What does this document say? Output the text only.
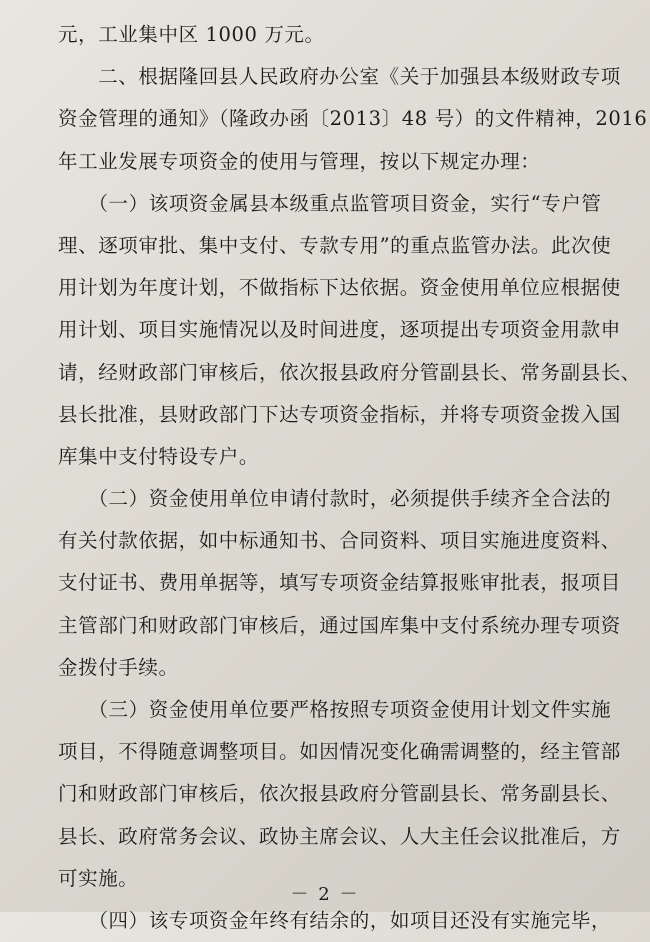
元，工业集中区 1000 万元。
　　二、根据隆回县人民政府办公室《关于加强县本级财政专项
资金管理的通知》（隆政办函〔2013〕48 号）的文件精神，2016
年工业发展专项资金的使用与管理，按以下规定办理：
　　（一）该项资金属县本级重点监管项目资金，实行“专户管
理、逐项审批、集中支付、专款专用”的重点监管办法。此次使
用计划为年度计划，不做指标下达依据。资金使用单位应根据使
用计划、项目实施情况以及时间进度，逐项提出专项资金用款申
请，经财政部门审核后，依次报县政府分管副县长、常务副县长、
县长批准，县财政部门下达专项资金指标，并将专项资金拨入国
库集中支付特设专户。
　　（二）资金使用单位申请付款时，必须提供手续齐全合法的
有关付款依据，如中标通知书、合同资料、项目实施进度资料、
支付证书、费用单据等，填写专项资金结算报账审批表，报项目
主管部门和财政部门审核后，通过国库集中支付系统办理专项资
金拨付手续。
　　（三）资金使用单位要严格按照专项资金使用计划文件实施
项目，不得随意调整项目。如因情况变化确需调整的，经主管部
门和财政部门审核后，依次报县政府分管副县长、常务副县长、
县长、政府常务会议、政协主席会议、人大主任会议批准后，方
可实施。
　　（四）该专项资金年终有结余的，如项目还没有实施完毕，
－ 2 －
